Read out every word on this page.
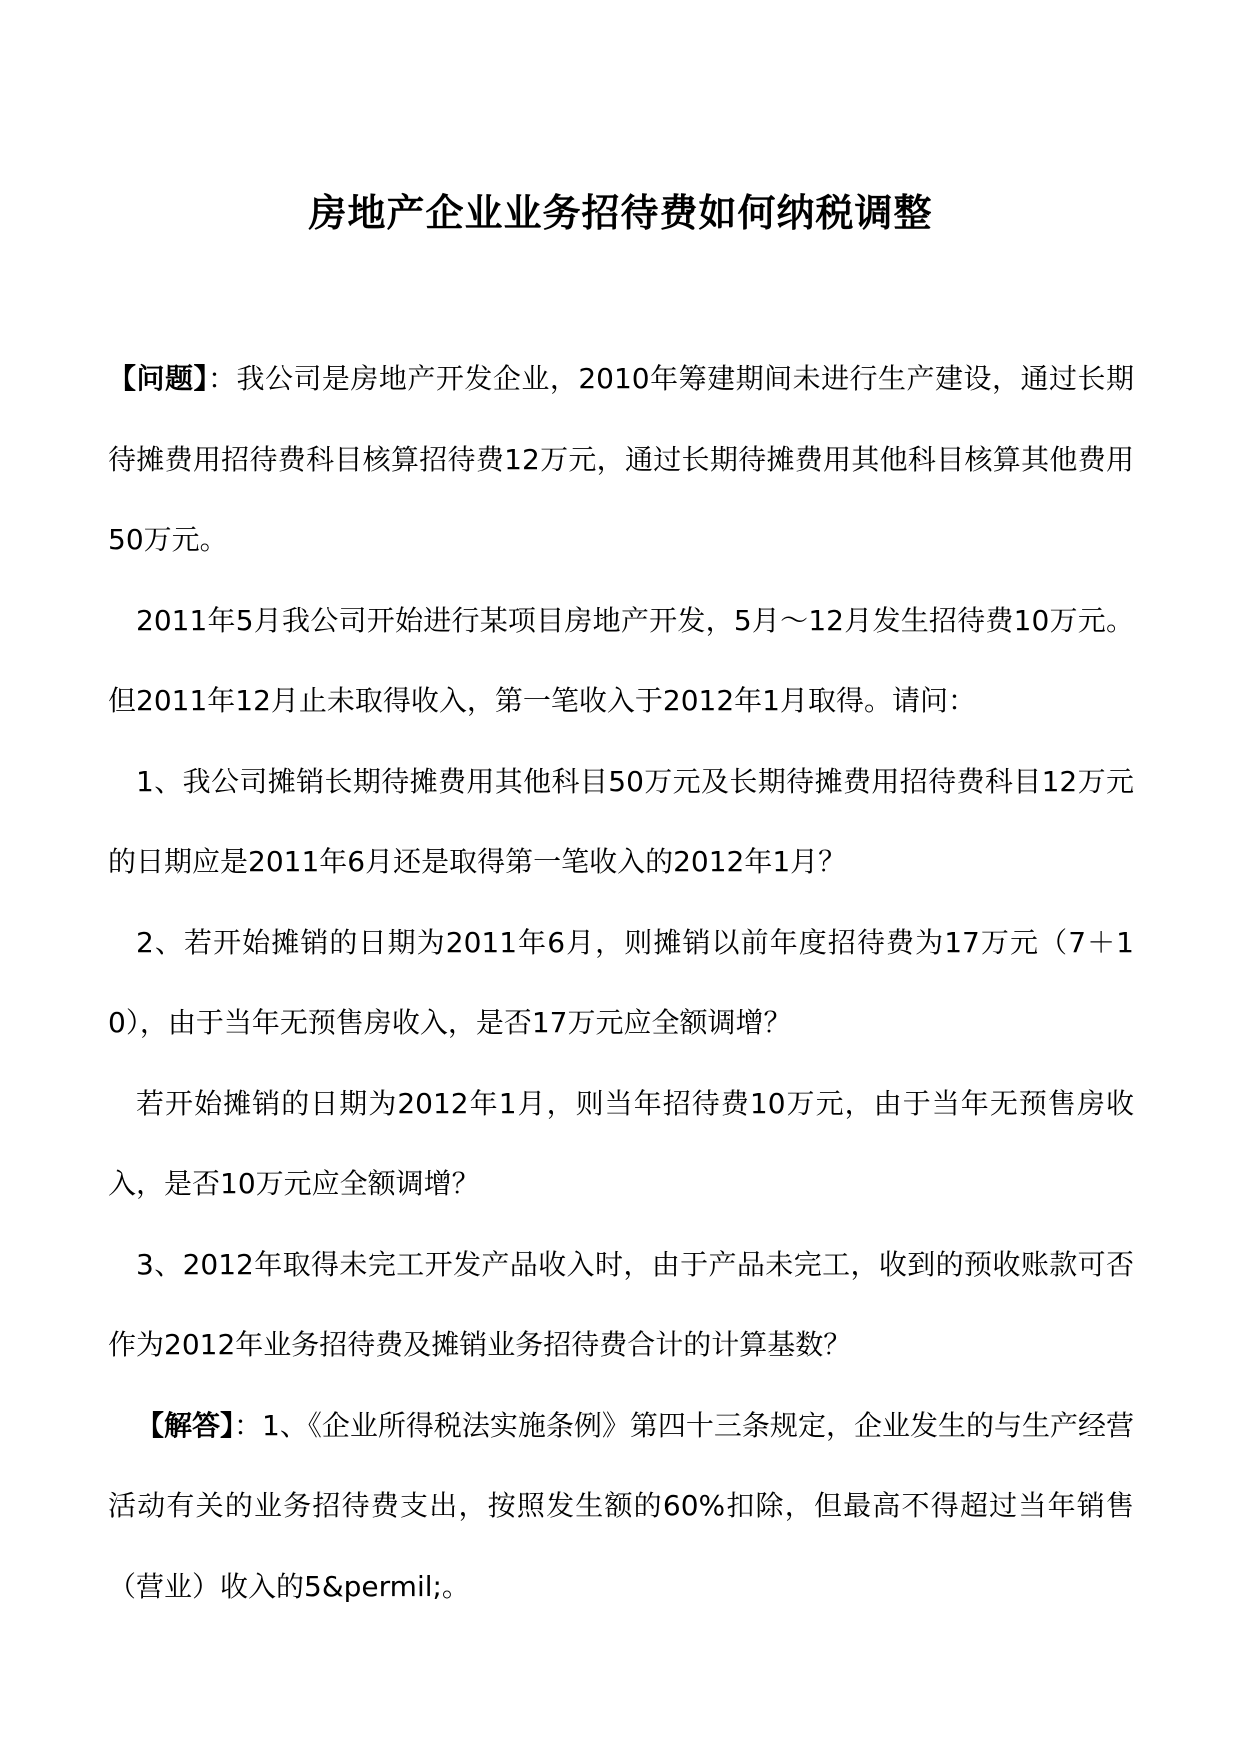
房地产企业业务招待费如何纳税调整

【问题】：我公司是房地产开发企业，2010年筹建期间未进行生产建设，通过长期待摊费用招待费科目核算招待费12万元，通过长期待摊费用其他科目核算其他费用50万元。

2011年5月我公司开始进行某项目房地产开发，5月～12月发生招待费10万元。但2011年12月止未取得收入，第一笔收入于2012年1月取得。请问：

1、我公司摊销长期待摊费用其他科目50万元及长期待摊费用招待费科目12万元的日期应是2011年6月还是取得第一笔收入的2012年1月？

2、若开始摊销的日期为2011年6月，则摊销以前年度招待费为17万元（7＋10），由于当年无预售房收入，是否17万元应全额调增？

若开始摊销的日期为2012年1月，则当年招待费10万元，由于当年无预售房收入，是否10万元应全额调增？

3、2012年取得未完工开发产品收入时，由于产品未完工，收到的预收账款可否作为2012年业务招待费及摊销业务招待费合计的计算基数？

【解答】：1、《企业所得税法实施条例》第四十三条规定，企业发生的与生产经营活动有关的业务招待费支出，按照发生额的60%扣除，但最高不得超过当年销售（营业）收入的5&permil;。
